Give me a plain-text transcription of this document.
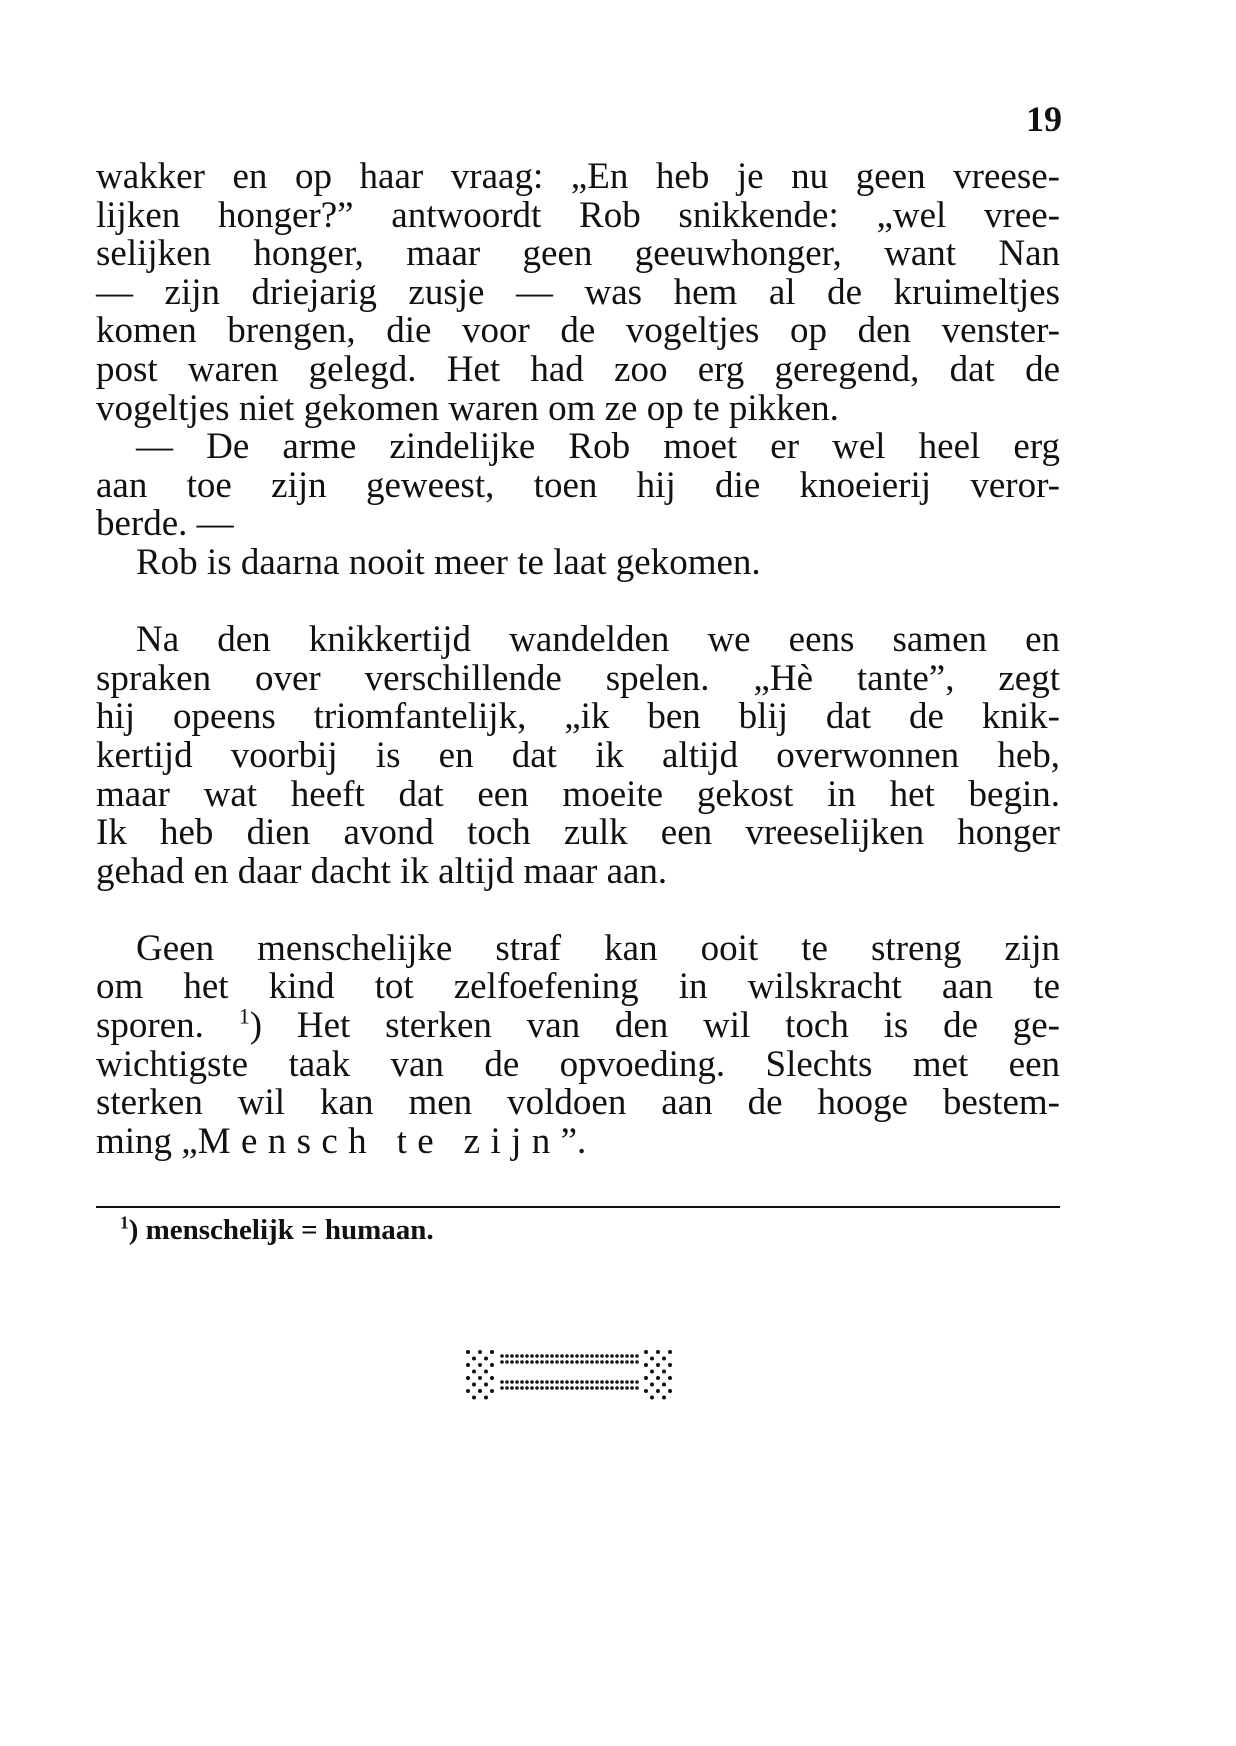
19
wakker en op haar vraag: „En heb je nu geen vreese-
lijken honger?” antwoordt Rob snikkende: „wel vree-
selijken honger, maar geen geeuwhonger, want Nan
— zijn driejarig zusje — was hem al de kruimeltjes
komen brengen, die voor de vogeltjes op den venster-
post waren gelegd. Het had zoo erg geregend, dat de
vogeltjes niet gekomen waren om ze op te pikken.
— De arme zindelijke Rob moet er wel heel erg
aan toe zijn geweest, toen hij die knoeierij veror-
berde. —
Rob is daarna nooit meer te laat gekomen.
Na den knikkertijd wandelden we eens samen en
spraken over verschillende spelen. „Hè tante”, zegt
hij opeens triomfantelijk, „ik ben blij dat de knik-
kertijd voorbij is en dat ik altijd overwonnen heb,
maar wat heeft dat een moeite gekost in het begin.
Ik heb dien avond toch zulk een vreeselijken honger
gehad en daar dacht ik altijd maar aan.
Geen menschelijke straf kan ooit te streng zijn
om het kind tot zelfoefening in wilskracht aan te
sporen. $^1$) Het sterken van den wil toch is de ge-
wichtigste taak van de opvoeding. Slechts met een
sterken wil kan men voldoen aan de hooge bestem-
ming „Mensch te zijn”.
$^1$) menschelijk = humaan.
